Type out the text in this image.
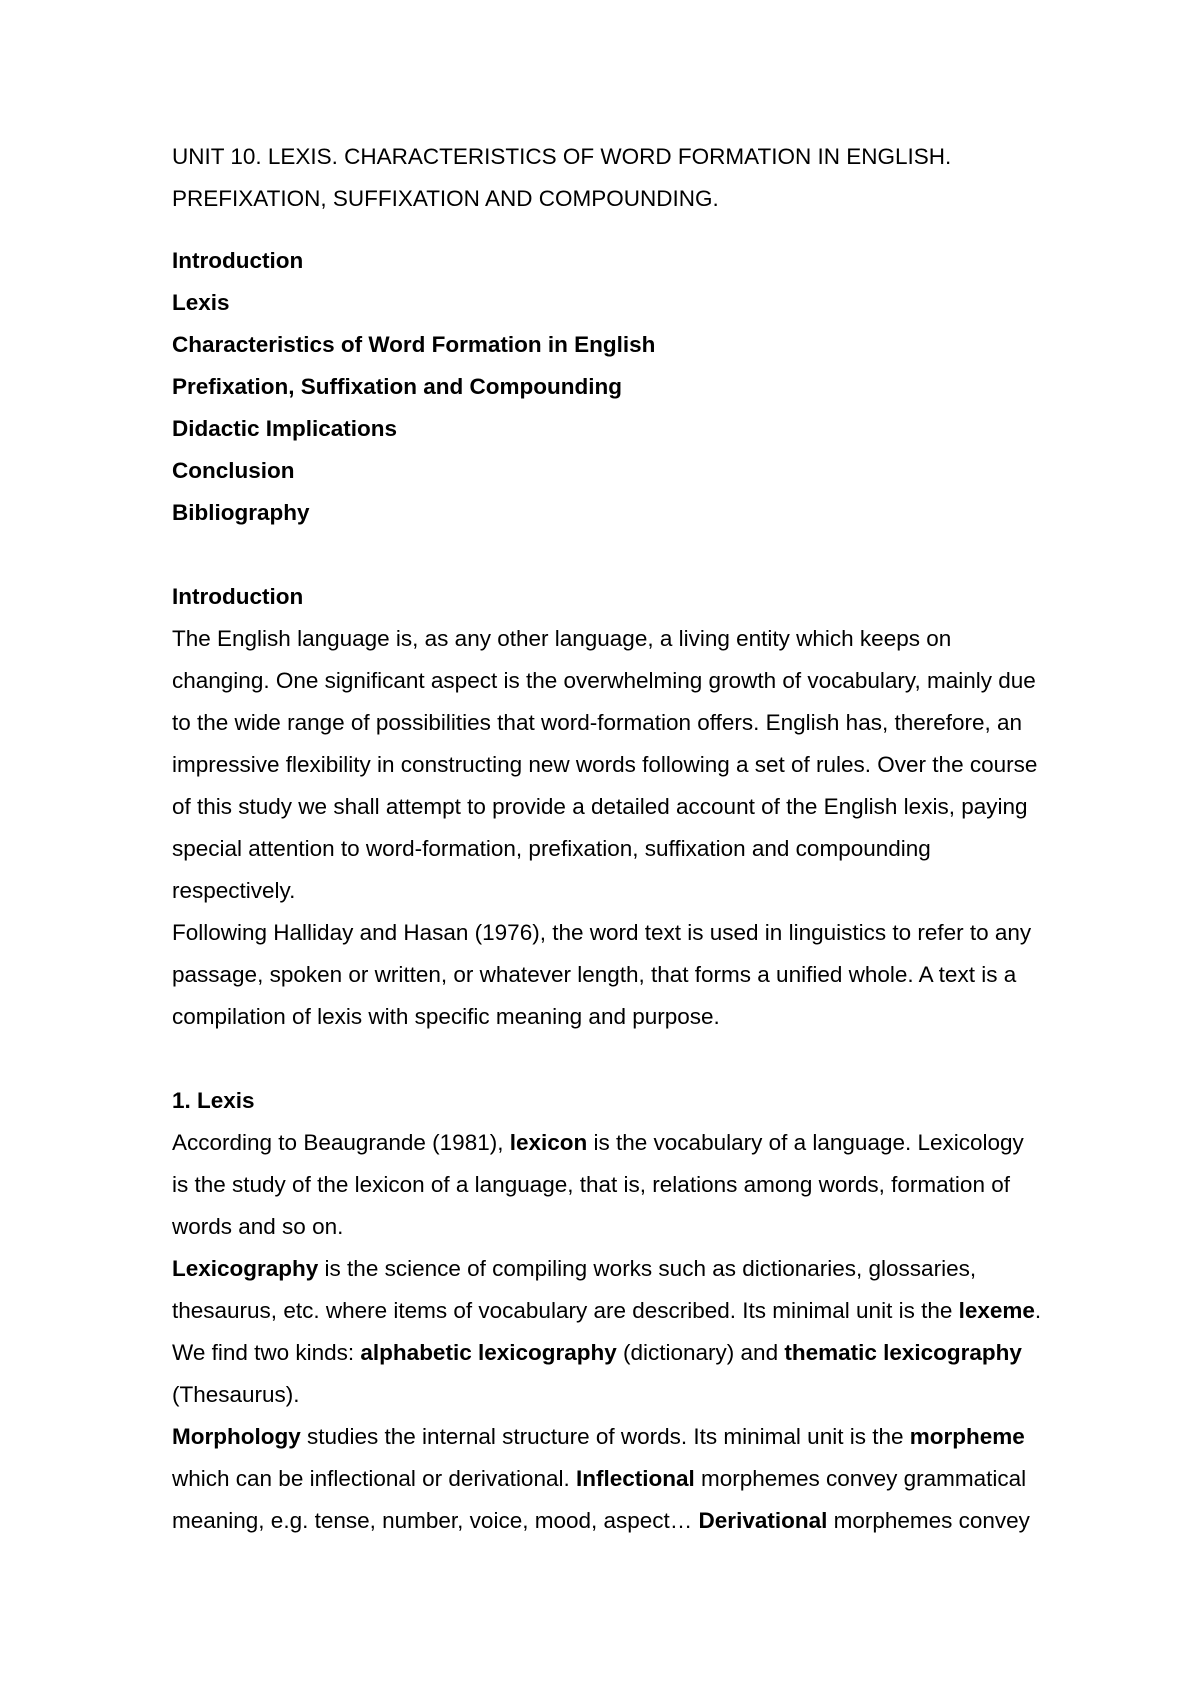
UNIT 10. LEXIS. CHARACTERISTICS OF WORD FORMATION IN ENGLISH.
PREFIXATION, SUFFIXATION AND COMPOUNDING.
Introduction
Lexis
Characteristics of Word Formation in English
Prefixation, Suffixation and Compounding
Didactic Implications
Conclusion
Bibliography
Introduction

The English language is, as any other language, a living entity which keeps on
changing. One significant aspect is the overwhelming growth of vocabulary, mainly due
to the wide range of possibilities that word-formation offers. English has, therefore, an
impressive flexibility in constructing new words following a set of rules. Over the course
of this study we shall attempt to provide a detailed account of the English lexis, paying
special attention to word-formation, prefixation, suffixation and compounding
respectively.

Following Halliday and Hasan (1976), the word text is used in linguistics to refer to any
passage, spoken or written, or whatever length, that forms a unified whole. A text is a
compilation of lexis with specific meaning and purpose.

1. Lexis

According to Beaugrande (1981), lexicon is the vocabulary of a language. Lexicology
is the study of the lexicon of a language, that is, relations among words, formation of
words and so on.

Lexicography is the science of compiling works such as dictionaries, glossaries,
thesaurus, etc. where items of vocabulary are described. Its minimal unit is the lexeme.
We find two kinds: alphabetic lexicography (dictionary) and thematic lexicography
(Thesaurus).

Morphology studies the internal structure of words. Its minimal unit is the morpheme
which can be inflectional or derivational. Inflectional morphemes convey grammatical
meaning, e.g. tense, number, voice, mood, aspect… Derivational morphemes convey
